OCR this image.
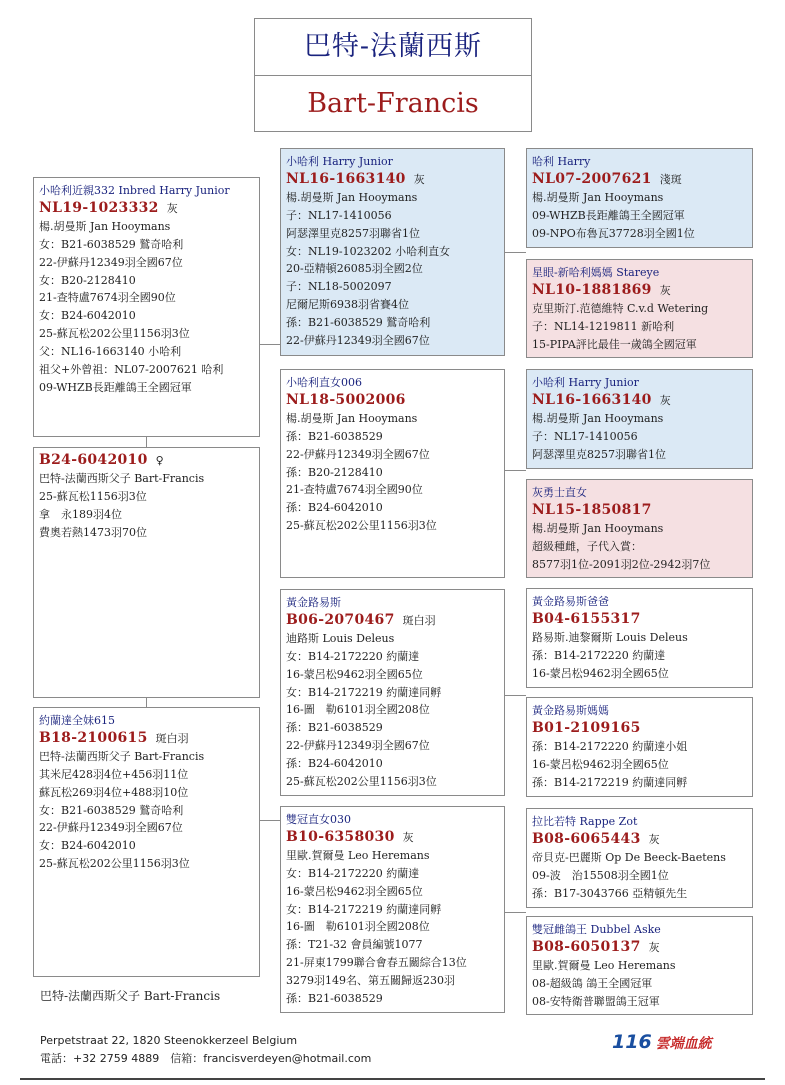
巴特-法蘭西斯
Bart-Francis
小哈利近親332 Inbred Harry Junior
NL19-1023332 灰
楊.胡曼斯 Jan Hooymans
女：B21-6038529 鷲奇哈利
22-伊蘇丹12349羽全國67位
女：B20-2128410
21-查特盧7674羽全國90位
女：B24-6042010
25-蘇瓦松202公里1156羽3位
父：NL16-1663140 小哈利
祖父+外曾祖：NL07-2007621 哈利
09-WHZB長距離鴿王全國冠軍
B24-6042010 ♀
巴特-法蘭西斯父子 Bart-Francis
25-蘇瓦松1156羽3位
拿　永189羽4位
費奧若熱1473羽70位
約蘭達全妹615
B18-2100615 斑白羽
巴特-法蘭西斯父子 Bart-Francis
其米尼428羽4位+456羽11位
蘇瓦松269羽4位+488羽10位
女：B21-6038529 鷲奇哈利
22-伊蘇丹12349羽全國67位
女：B24-6042010
25-蘇瓦松202公里1156羽3位
小哈利 Harry Junior
NL16-1663140 灰
楊.胡曼斯 Jan Hooymans
子：NL17-1410056
阿瑟澤里克8257羽聯省1位
女：NL19-1023202 小哈利直女
20-亞精頓26085羽全國2位
子：NL18-5002097
尼爾尼斯6938羽省賽4位
孫：B21-6038529 鷲奇哈利
22-伊蘇丹12349羽全國67位
小哈利直女006
NL18-5002006
楊.胡曼斯 Jan Hooymans
孫：B21-6038529
22-伊蘇丹12349羽全國67位
孫：B20-2128410
21-查特盧7674羽全國90位
孫：B24-6042010
25-蘇瓦松202公里1156羽3位
黃金路易斯
B06-2070467 斑白羽
迪路斯 Louis Deleus
女：B14-2172220 約蘭達
16-蒙呂松9462羽全國65位
女：B14-2172219 約蘭達同孵
16-圖　勒6101羽全國208位
孫：B21-6038529
22-伊蘇丹12349羽全國67位
孫：B24-6042010
25-蘇瓦松202公里1156羽3位
雙冠直女030
B10-6358030 灰
里歐.賀爾曼 Leo Heremans
女：B14-2172220 約蘭達
16-蒙呂松9462羽全國65位
女：B14-2172219 約蘭達同孵
16-圖　勒6101羽全國208位
孫：T21-32 會員編號1077
21-屏東1799聯合會春五關綜合13位
3279羽149名、第五關歸返230羽
孫：B21-6038529
哈利 Harry
NL07-2007621 淺斑
楊.胡曼斯 Jan Hooymans
09-WHZB長距離鴿王全國冠軍
09-NPO布魯瓦37728羽全國1位
星眼-新哈利媽媽 Stareye
NL10-1881869 灰
克里斯汀.范德維特 C.v.d Wetering
子：NL14-1219811 新哈利
15-PIPA評比最佳一歲鴿全國冠軍
小哈利 Harry Junior
NL16-1663140 灰
楊.胡曼斯 Jan Hooymans
子：NL17-1410056
阿瑟澤里克8257羽聯省1位
灰勇士直女
NL15-1850817
楊.胡曼斯 Jan Hooymans
超級種雌，子代入賞：
8577羽1位-2091羽2位-2942羽7位
黃金路易斯爸爸
B04-6155317
路易斯.迪黎爾斯 Louis Deleus
孫：B14-2172220 約蘭達
16-蒙呂松9462羽全國65位
黃金路易斯媽媽
B01-2109165
孫：B14-2172220 約蘭達小姐
16-蒙呂松9462羽全國65位
孫：B14-2172219 約蘭達同孵
拉比若特 Rappe Zot
B08-6065443 灰
帝貝克-巴麗斯 Op De Beeck-Baetens
09-波　治15508羽全國1位
孫：B17-3043766 亞精頓先生
雙冠雌鴿王 Dubbel Aske
B08-6050137 灰
里歐.賀爾曼 Leo Heremans
08-超級鴿 鴿王全國冠軍
08-安特衛普聯盟鴿王冠軍
巴特-法蘭西斯父子 Bart-Francis
Perpetstraat 22, 1820 Steenokkerzeel Belgium
電話：+32 2759 4889　信箱：francisverdeyen@hotmail.com
116 雲端血統
